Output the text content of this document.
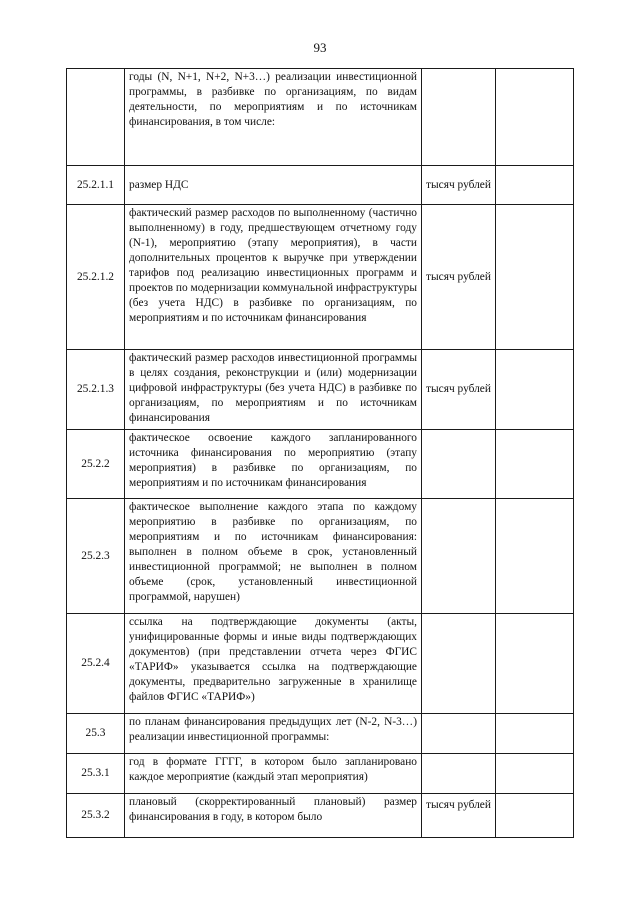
93
	годы (N, N+1, N+2, N+3…) реализации инвестиционной программы, в разбивке по организациям, по видам деятельности, по мероприятиям и по источникам финансирования, в том числе:		
25.2.1.1	размер НДС	тысяч рублей	
25.2.1.2	фактический размер расходов по выполненному (частично выполненному) в году, предшествующем отчетному году (N-1), мероприятию (этапу мероприятия), в части дополнительных процентов к выручке при утверждении тарифов под реализацию инвестиционных программ и проектов по модернизации коммунальной инфраструктуры (без учета НДС) в разбивке по организациям, по мероприятиям и по источникам финансирования	тысяч рублей	
25.2.1.3	фактический размер расходов инвестиционной программы в целях создания, реконструкции и (или) модернизации цифровой инфраструктуры (без учета НДС) в разбивке по организациям, по мероприятиям и по источникам финансирования	тысяч рублей	
25.2.2	фактическое освоение каждого запланированного источника финансирования по мероприятию (этапу мероприятия) в разбивке по организациям, по мероприятиям и по источникам финансирования		
25.2.3	фактическое выполнение каждого этапа по каждому мероприятию в разбивке по организациям, по мероприятиям и по источникам финансирования: выполнен в полном объеме в срок, установленный инвестиционной программой; не выполнен в полном объеме (срок, установленный инвестиционной программой, нарушен)		
25.2.4	ссылка на подтверждающие документы (акты, унифицированные формы и иные виды подтверждающих документов) (при представлении отчета через ФГИС «ТАРИФ» указывается ссылка на подтверждающие документы, предварительно загруженные в хранилище файлов ФГИС «ТАРИФ»)		
25.3	по планам финансирования предыдущих лет (N-2, N-3…) реализации инвестиционной программы:		
25.3.1	год в формате ГГГГ, в котором было запланировано каждое мероприятие (каждый этап мероприятия)		
25.3.2	плановый (скорректированный плановый) размер финансирования в году, в котором было	тысяч рублей	
